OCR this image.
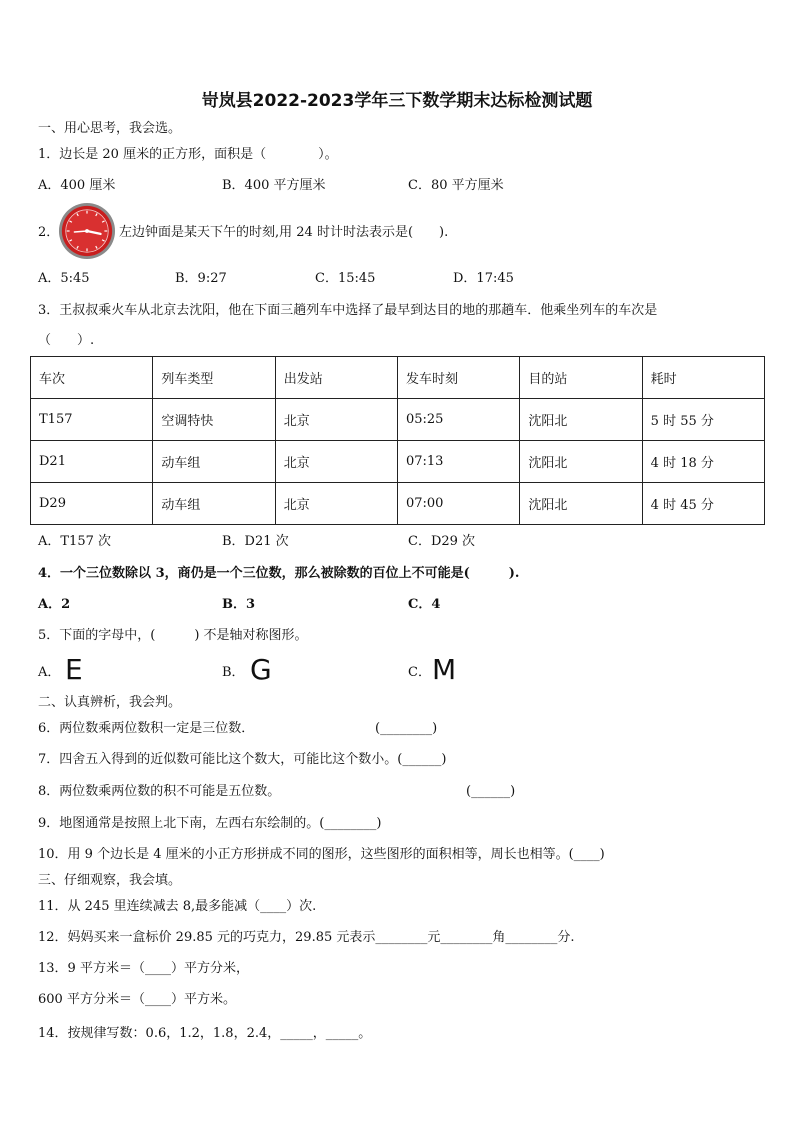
岢岚县2022-2023学年三下数学期末达标检测试题
一、用心思考，我会选。
1．边长是 20 厘米的正方形，面积是（　　　　）。
A．400 厘米	B．400 平方厘米	C．80 平方厘米
2．	左边钟面是某天下午的时刻,用 24 时计时法表示是(　　).
A．5:45	B．9:27	C．15:45	D．17:45
3．王叔叔乘火车从北京去沈阳，他在下面三趟列车中选择了最早到达目的地的那趟车．他乘坐列车的车次是
（　　）.
车次	列车类型	出发站	发车时刻	目的站	耗时
T157	空调特快	北京	05:25	沈阳北	5 时 55 分
D21	动车组	北京	07:13	沈阳北	4 时 18 分
D29	动车组	北京	07:00	沈阳北	4 时 45 分
A．T157 次	B．D21 次	C．D29 次
4．一个三位数除以 3，商仍是一个三位数，那么被除数的百位上不可能是(　　　).
A．2	B．3	C．4
5．下面的字母中，(　　　) 不是轴对称图形。
A． E	B． G	C． M
二、认真辨析，我会判。
6．两位数乘两位数积一定是三位数．	(________)
7．四舍五入得到的近似数可能比这个数大，可能比这个数小。(______)
8．两位数乘两位数的积不可能是五位数。	(______)
9．地图通常是按照上北下南，左西右东绘制的。(________)
10．用 9 个边长是 4 厘米的小正方形拼成不同的图形，这些图形的面积相等，周长也相等。(____)
三、仔细观察，我会填。
11．从 245 里连续减去 8,最多能减（____）次.
12．妈妈买来一盒标价 29.85 元的巧克力，29.85 元表示________元________角________分.
13．9 平方米＝（____）平方分米，
600 平方分米＝（____）平方米。
14．按规律写数：0.6，1.2，1.8，2.4，_____，_____。
